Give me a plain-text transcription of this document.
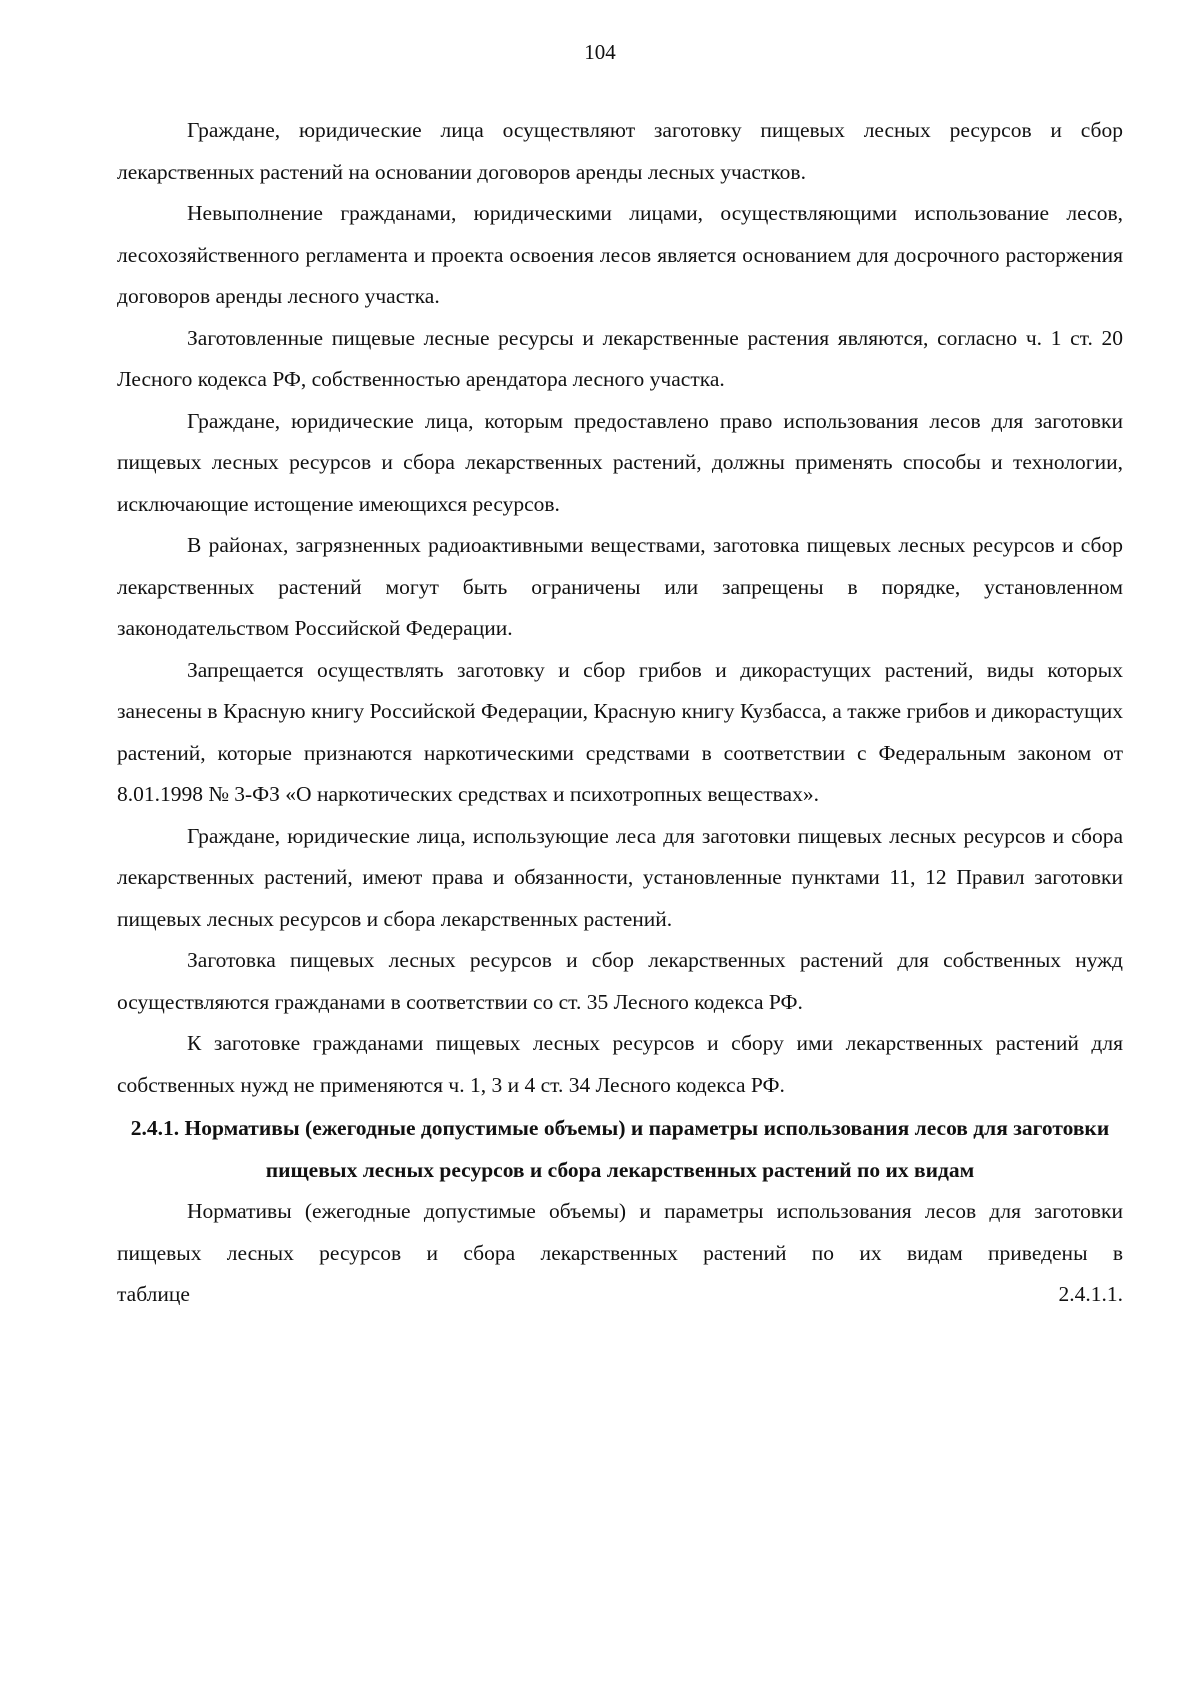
104

Граждане, юридические лица осуществляют заготовку пищевых лесных ресурсов и сбор лекарственных растений на основании договоров аренды лесных участков.

Невыполнение гражданами, юридическими лицами, осуществляющими использование лесов, лесохозяйственного регламента и проекта освоения лесов является основанием для досрочного расторжения договоров аренды лесного участка.

Заготовленные пищевые лесные ресурсы и лекарственные растения являются, согласно ч. 1 ст. 20 Лесного кодекса РФ, собственностью арендатора лесного участка.

Граждане, юридические лица, которым предоставлено право использования лесов для заготовки пищевых лесных ресурсов и сбора лекарственных растений, должны применять способы и технологии, исключающие истощение имеющихся ресурсов.

В районах, загрязненных радиоактивными веществами, заготовка пищевых лесных ресурсов и сбор лекарственных растений могут быть ограничены или запрещены в порядке, установленном законодательством Российской Федерации.

Запрещается осуществлять заготовку и сбор грибов и дикорастущих растений, виды которых занесены в Красную книгу Российской Федерации, Красную книгу Кузбасса, а также грибов и дикорастущих растений, которые признаются наркотическими средствами в соответствии с Федеральным законом от 8.01.1998 № 3-ФЗ «О наркотических средствах и психотропных веществах».

Граждане, юридические лица, использующие леса для заготовки пищевых лесных ресурсов и сбора лекарственных растений, имеют права и обязанности, установленные пунктами 11, 12 Правил заготовки пищевых лесных ресурсов и сбора лекарственных растений.

Заготовка пищевых лесных ресурсов и сбор лекарственных растений для собственных нужд осуществляются гражданами в соответствии со ст. 35 Лесного кодекса РФ.

К заготовке гражданами пищевых лесных ресурсов и сбору ими лекарственных растений для собственных нужд не применяются ч. 1, 3 и 4 ст. 34 Лесного кодекса РФ.

2.4.1. Нормативы (ежегодные допустимые объемы) и параметры использования лесов для заготовки пищевых лесных ресурсов и сбора лекарственных растений по их видам

Нормативы (ежегодные допустимые объемы) и параметры использования лесов для заготовки пищевых лесных ресурсов и сбора лекарственных растений по их видам приведены в

таблице	2.4.1.1.
